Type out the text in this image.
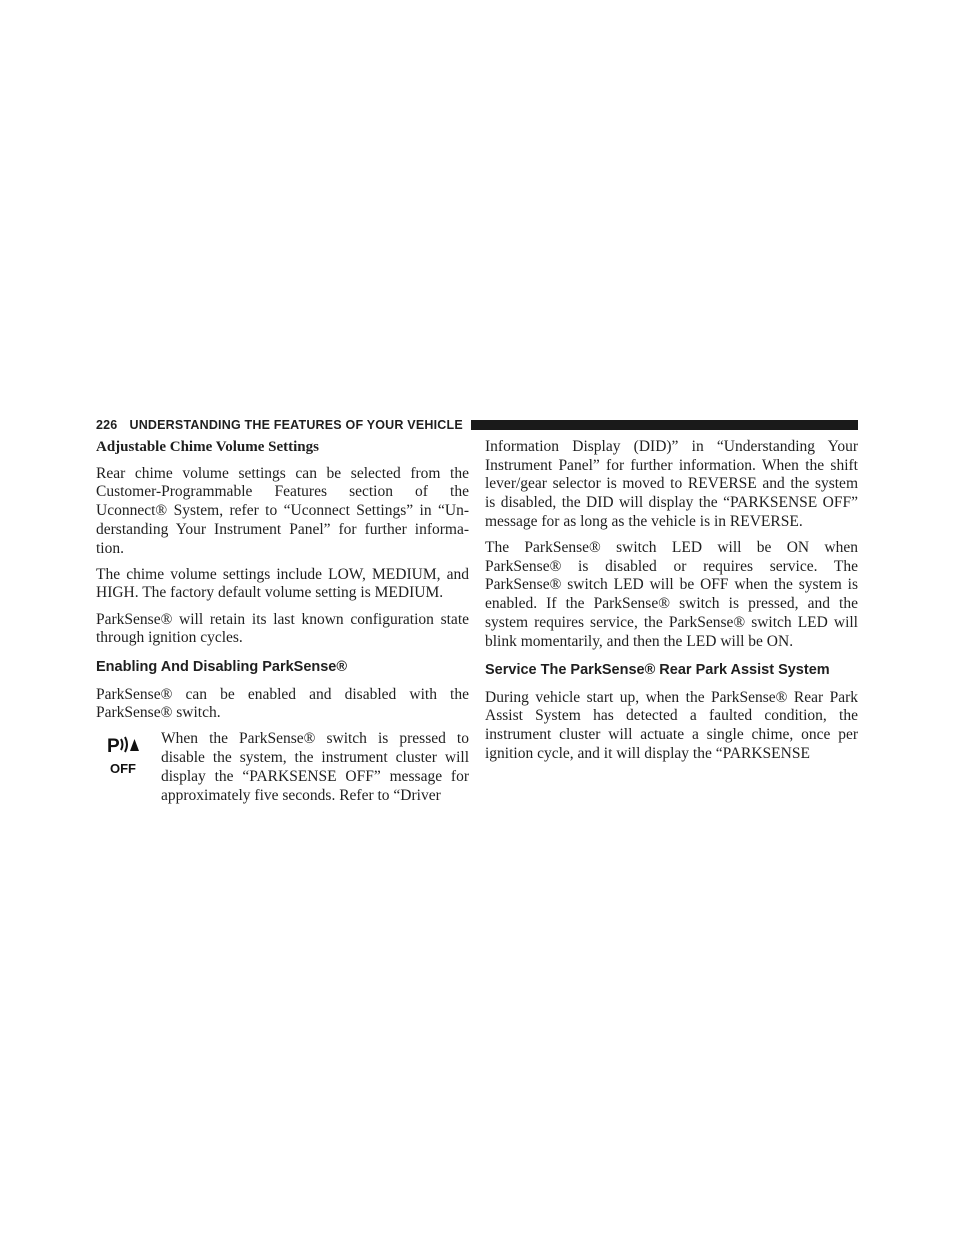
226 UNDERSTANDING THE FEATURES OF YOUR VEHICLE
Adjustable Chime Volume Settings

Rear chime volume settings can be selected from the Customer-Programmable Features section of the Uconnect® System, refer to “Uconnect Settings” in “Un-derstanding Your Instrument Panel” for further informa-tion.

The chime volume settings include LOW, MEDIUM, and HIGH. The factory default volume setting is MEDIUM.

ParkSense® will retain its last known configuration state through ignition cycles.

Enabling And Disabling ParkSense®

ParkSense® can be enabled and disabled with the ParkSense® switch.

P
OFF

When the ParkSense® switch is pressed to disable the system, the instrument cluster will display the “PARKSENSE OFF” message for approximately five seconds. Refer to “Driver

Information Display (DID)” in “Understanding Your Instrument Panel” for further information. When the shift lever/gear selector is moved to REVERSE and the system is disabled, the DID will display the “PARKSENSE OFF” message for as long as the vehicle is in REVERSE.

The ParkSense® switch LED will be ON when ParkSense® is disabled or requires service. The ParkSense® switch LED will be OFF when the system is enabled. If the ParkSense® switch is pressed, and the system requires service, the ParkSense® switch LED will blink momentarily, and then the LED will be ON.

Service The ParkSense® Rear Park Assist System

During vehicle start up, when the ParkSense® Rear Park Assist System has detected a faulted condition, the instrument cluster will actuate a single chime, once per ignition cycle, and it will display the “PARKSENSE
